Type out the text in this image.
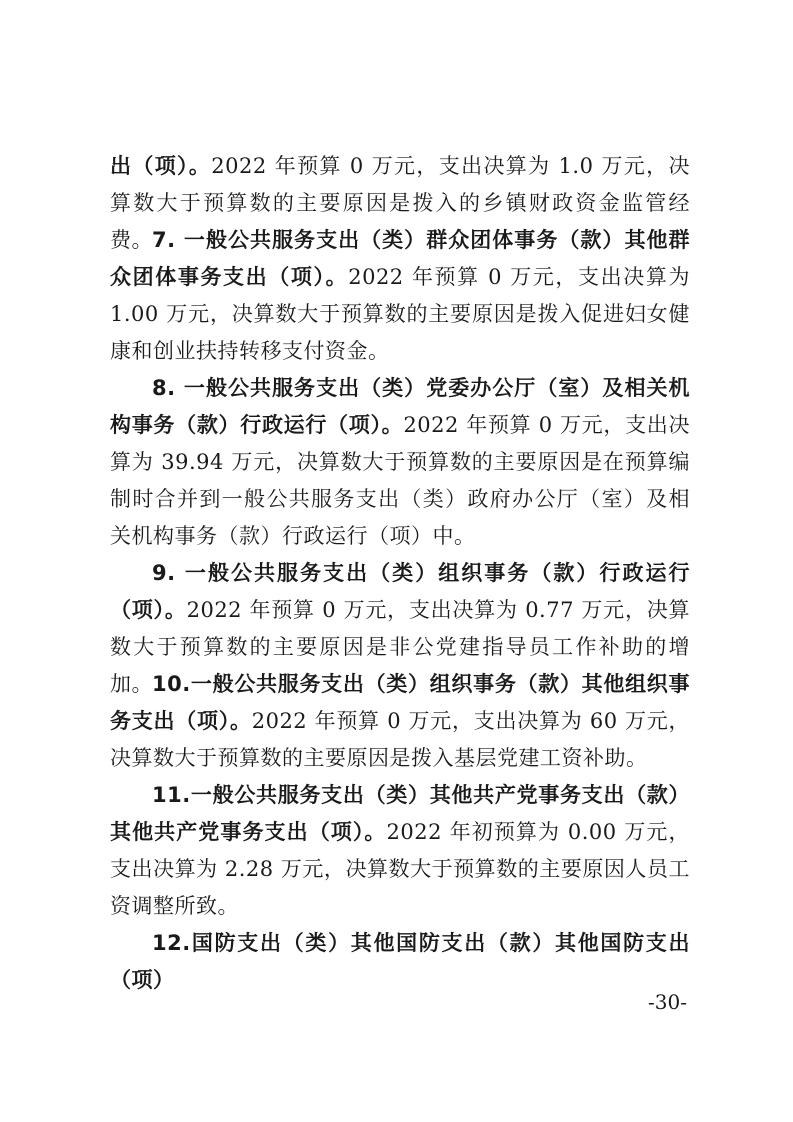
出（项）。2022 年预算 0 万元，支出决算为 1.0 万元，决算数大于预算数的主要原因是拨入的乡镇财政资金监管经费。 7. 一般公共服务支出（类）群众团体事务（款）其他群众团体事务支出（项）。2022 年预算 0 万元，支出决算为 1.00 万元，决算数大于预算数的主要原因是拨入促进妇女健康和创业扶持转移支付资金。

8. 一般公共服务支出（类）党委办公厅（室）及相关机构事务（款）行政运行（项）。2022 年预算 0 万元，支出决算为 39.94 万元，决算数大于预算数的主要原因是在预算编制时合并到一般公共服务支出（类）政府办公厅（室）及相关机构事务（款）行政运行（项）中。

9. 一般公共服务支出（类）组织事务（款）行政运行（项）。2022 年预算 0 万元，支出决算为 0.77 万元，决算数大于预算数的主要原因是非公党建指导员工作补助的增加。 10.一般公共服务支出（类）组织事务（款）其他组织事务支出（项）。2022 年预算 0 万元，支出决算为 60 万元，决算数大于预算数的主要原因是拨入基层党建工资补助。

11.一般公共服务支出（类）其他共产党事务支出（款）其他共产党事务支出（项）。2022 年初预算为 0.00 万元，支出决算为 2.28 万元，决算数大于预算数的主要原因人员工资调整所致。

12.国防支出（类）其他国防支出（款）其他国防支出（项）

-30-
